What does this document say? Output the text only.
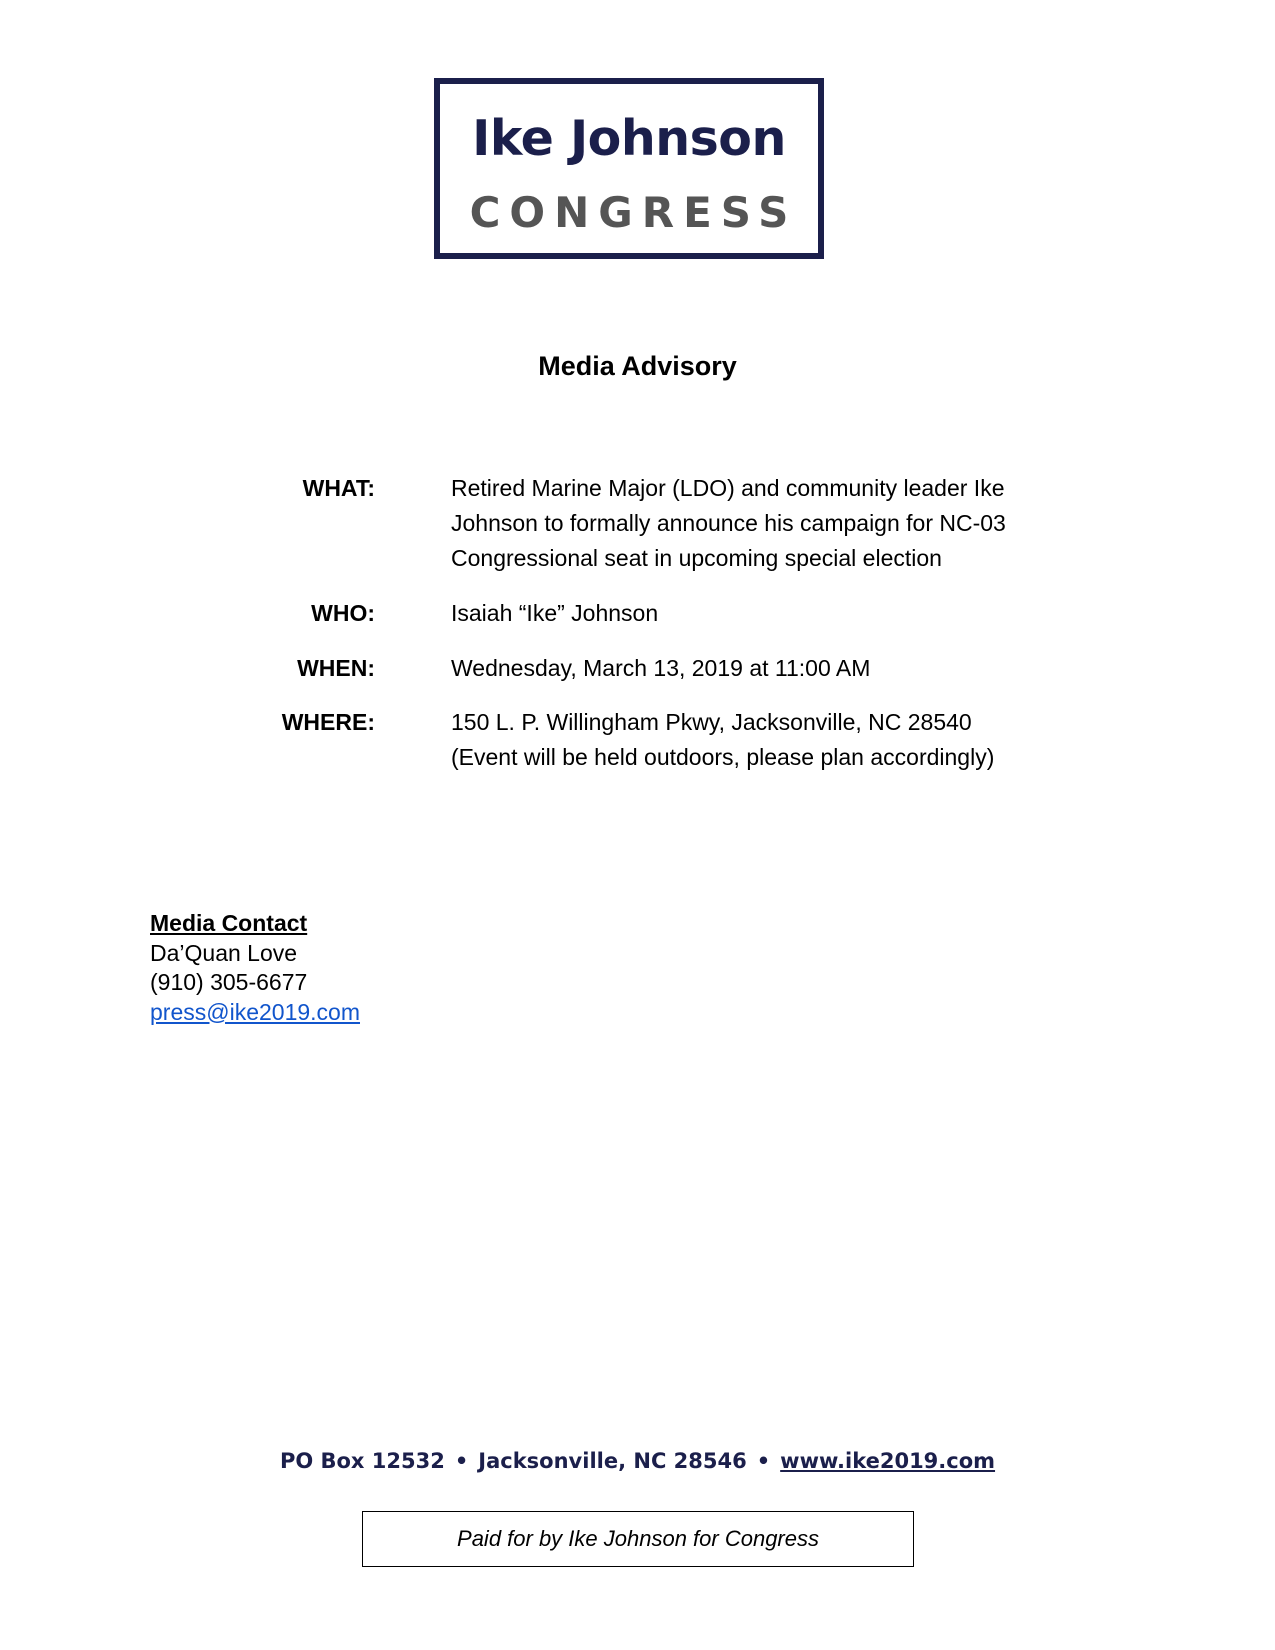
Ike Johnson
CONGRESS
Media Advisory
WHAT:	Retired Marine Major (LDO) and community leader Ike
Johnson to formally announce his campaign for NC-03
Congressional seat in upcoming special election
WHO:	Isaiah “Ike” Johnson
WHEN:	Wednesday, March 13, 2019 at 11:00 AM
WHERE:	150 L. P. Willingham Pkwy, Jacksonville, NC 28540
(Event will be held outdoors, please plan accordingly)
Media Contact
Da’Quan Love
(910) 305-6677
press@ike2019.com
PO Box 12532 • Jacksonville, NC 28546 • www.ike2019.com
Paid for by Ike Johnson for Congress
